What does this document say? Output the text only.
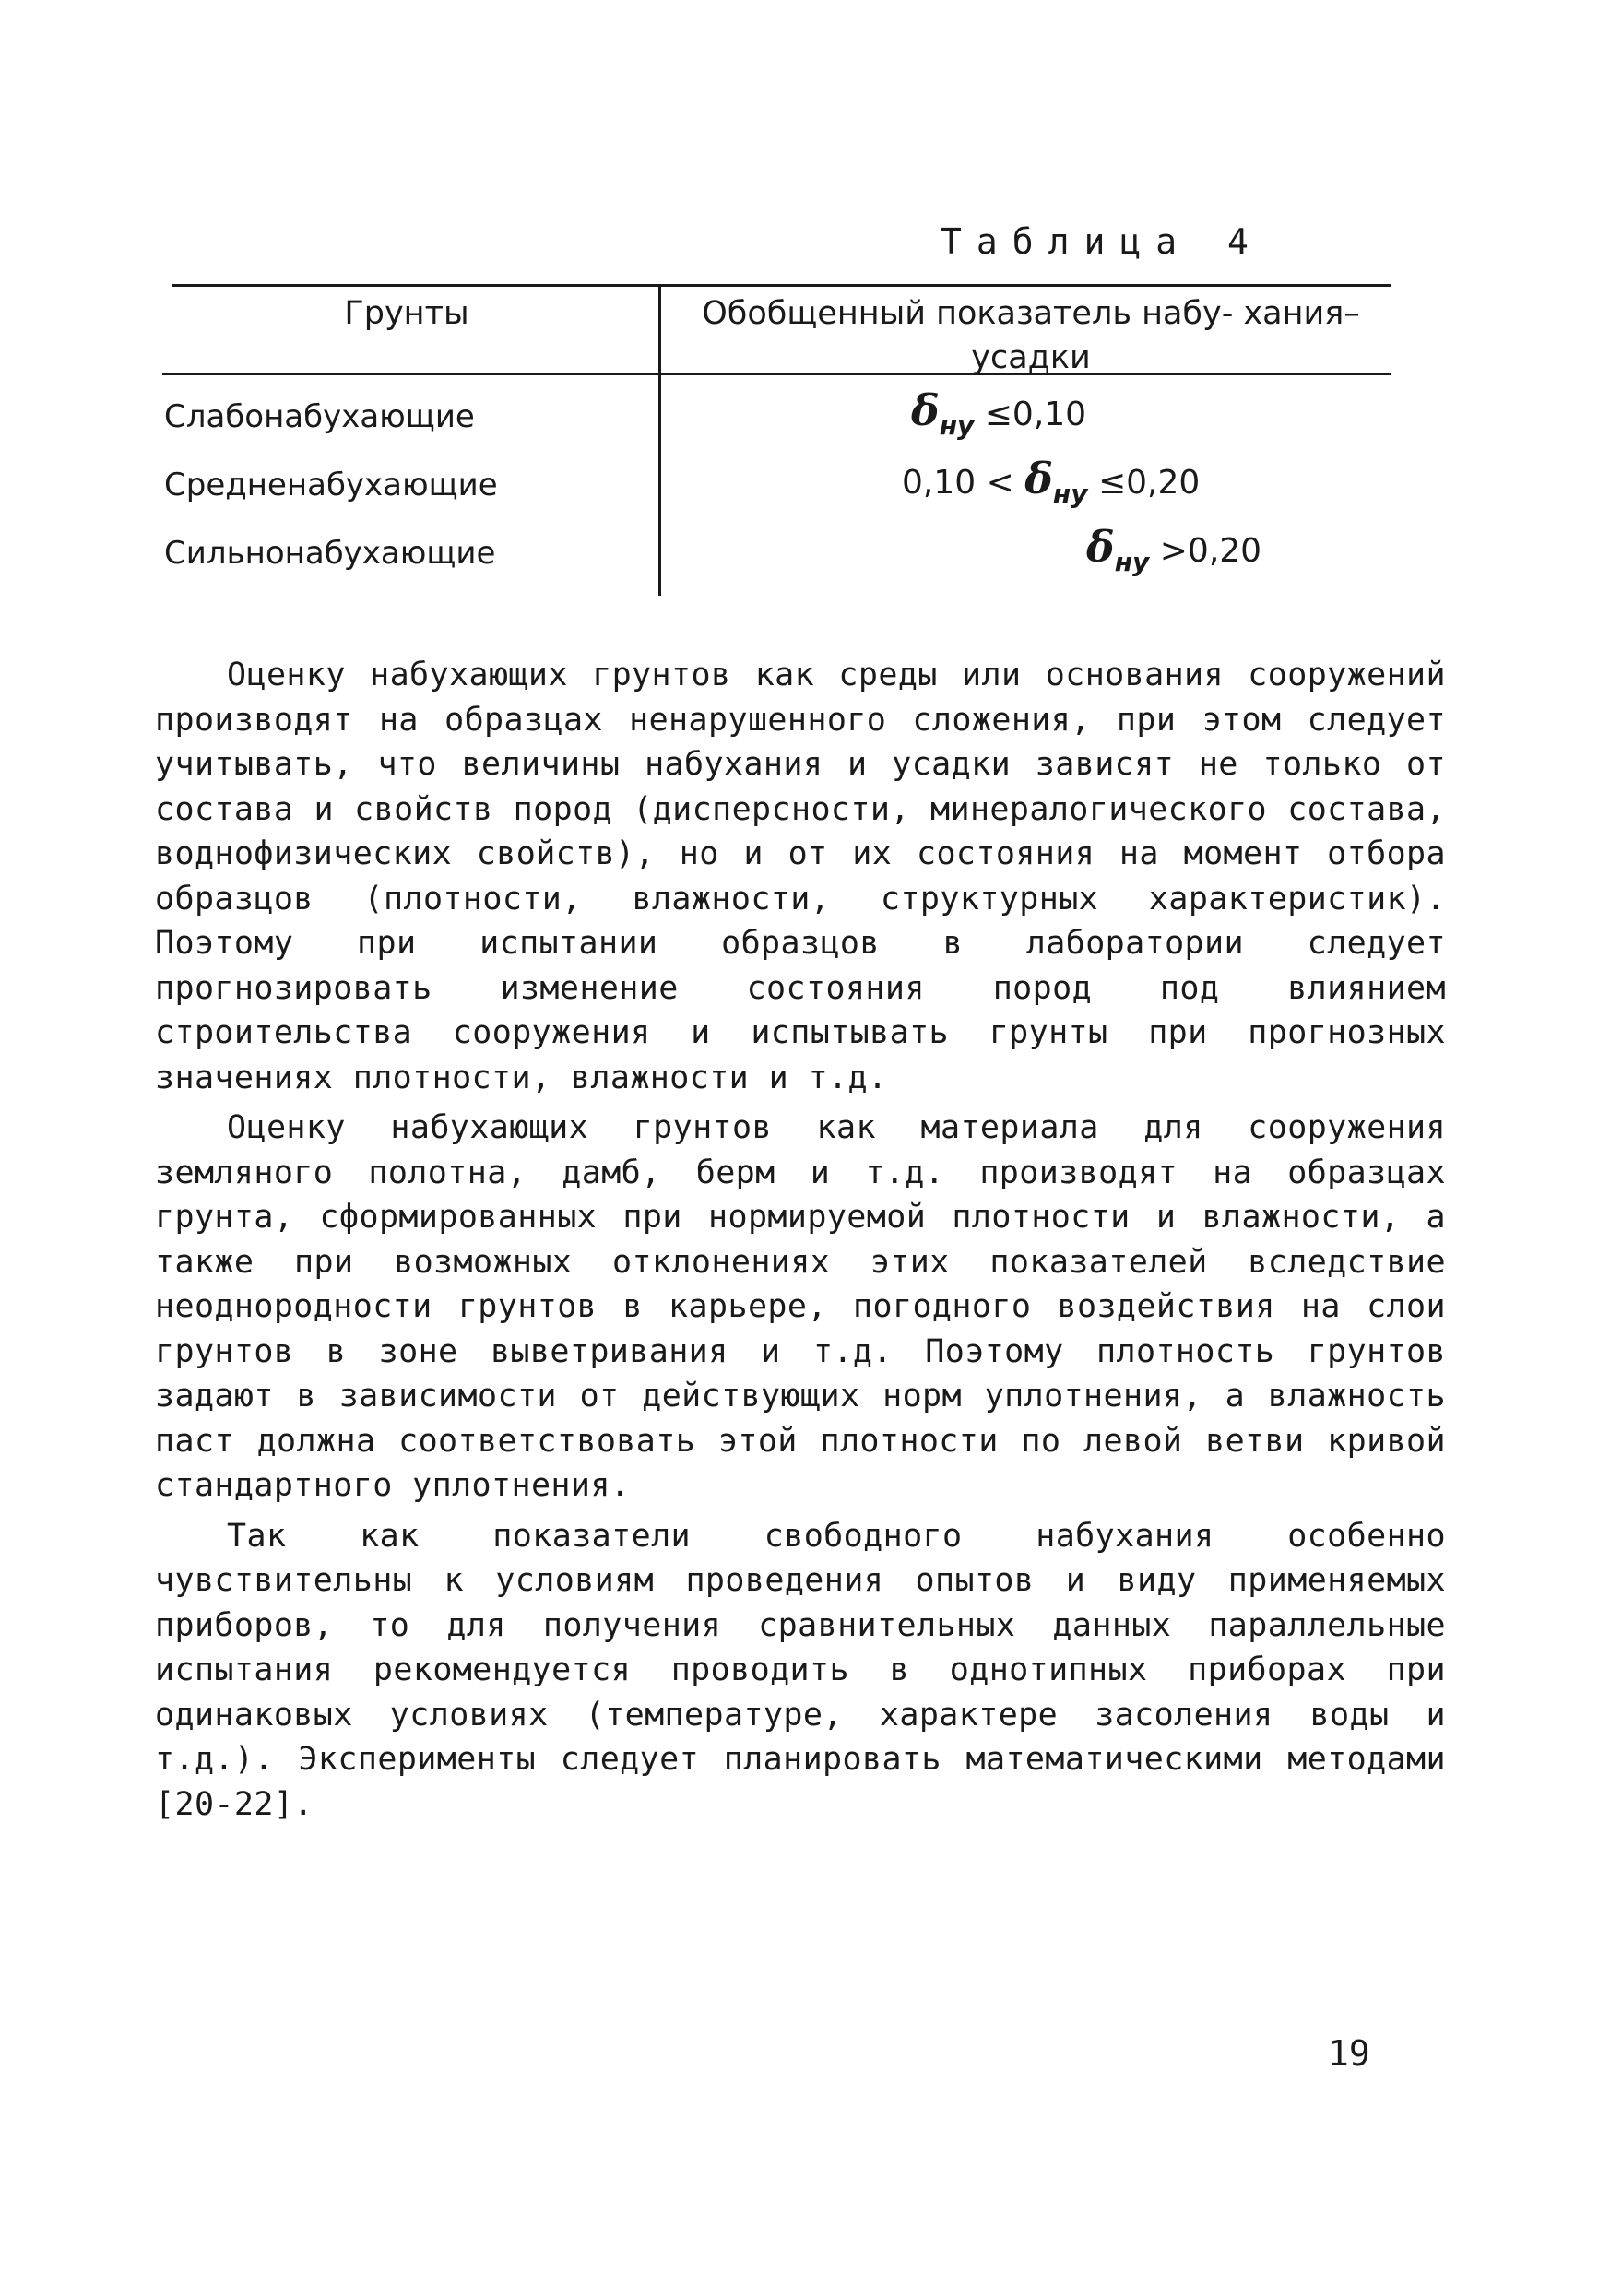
Таблица 4
Грунты	Обобщенный показатель набу- хания– усадки
Слабонабухающие	$\delta_{ну} \le 0,10$
Средненабухающие	$0,10 < \delta_{ну} \le 0,20$
Сильнонабухающие	$\delta_{ну} >0,20$

Оценку набухающих грунтов как среды или основания сооружений производят на образцах ненарушенного сложения, при этом следует учитывать, что величины набухания и усадки зависят не только от состава и свойств пород (дисперсности, минералогического состава, воднофизических свойств), но и от их состояния на момент отбора образцов (плотности, влажности, структурных характеристик). Поэтому при испытании образцов в лаборатории следует прогнозировать изменение состояния пород под влиянием строительства сооружения и испытывать грунты при прогнозных значениях плотности, влажности и т.д.

Оценку набухающих грунтов как материала для сооружения земляного полотна, дамб, берм и т.д. производят на образцах грунта, сформированных при нормируемой плотности и влажности, а также при возможных отклонениях этих показателей вследствие неоднородности грунтов в карьере, погодного воздействия на слои грунтов в зоне выветривания и т.д. Поэтому плотность грунтов задают в зависимости от действующих норм уплотнения, а влажность паст должна соответствовать этой плотности по левой ветви кривой стандартного уплотнения.

Так как показатели свободного набухания особенно чувствительны к условиям проведения опытов и виду применяемых приборов, то для получения сравнительных данных параллельные испытания рекомендуется проводить в однотипных приборах при одинаковых условиях (температуре, характере засоления воды и т.д.). Эксперименты следует планировать математическими методами [20-22].

19
